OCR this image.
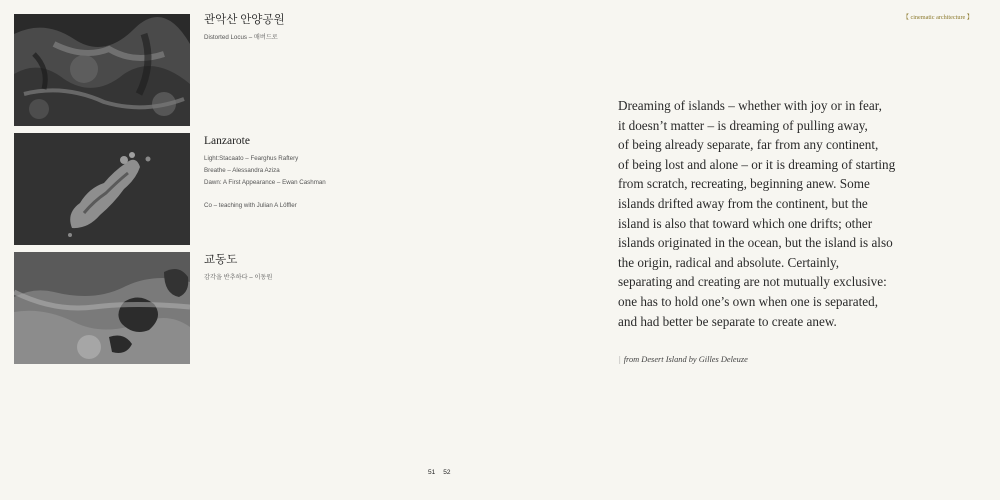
관악산 안양공원
Distorted Locus – 매버드로
Lanzarote
Light:Stacaato – Fearghus Raftery
Breathe – Alessandra Aziza
Dawn: A First Appearance – Ewan Cashman
Co – teaching with Julian A Löffler
교동도
감각을 반추하다 – 이동원
【 cinematic architecture 】
Dreaming of islands – whether with joy or in fear,
it doesn’t matter – is dreaming of pulling away,
of being already separate, far from any continent,
of being lost and alone – or it is dreaming of starting
from scratch, recreating, beginning anew. Some
islands drifted away from the continent, but the
island is also that toward which one drifts; other
islands originated in the ocean, but the island is also
the origin, radical and absolute. Certainly,
separating and creating are not mutually exclusive:
one has to hold one’s own when one is separated,
and had better be separate to create anew.
| from Desert Island by Gilles Deleuze
51 52
